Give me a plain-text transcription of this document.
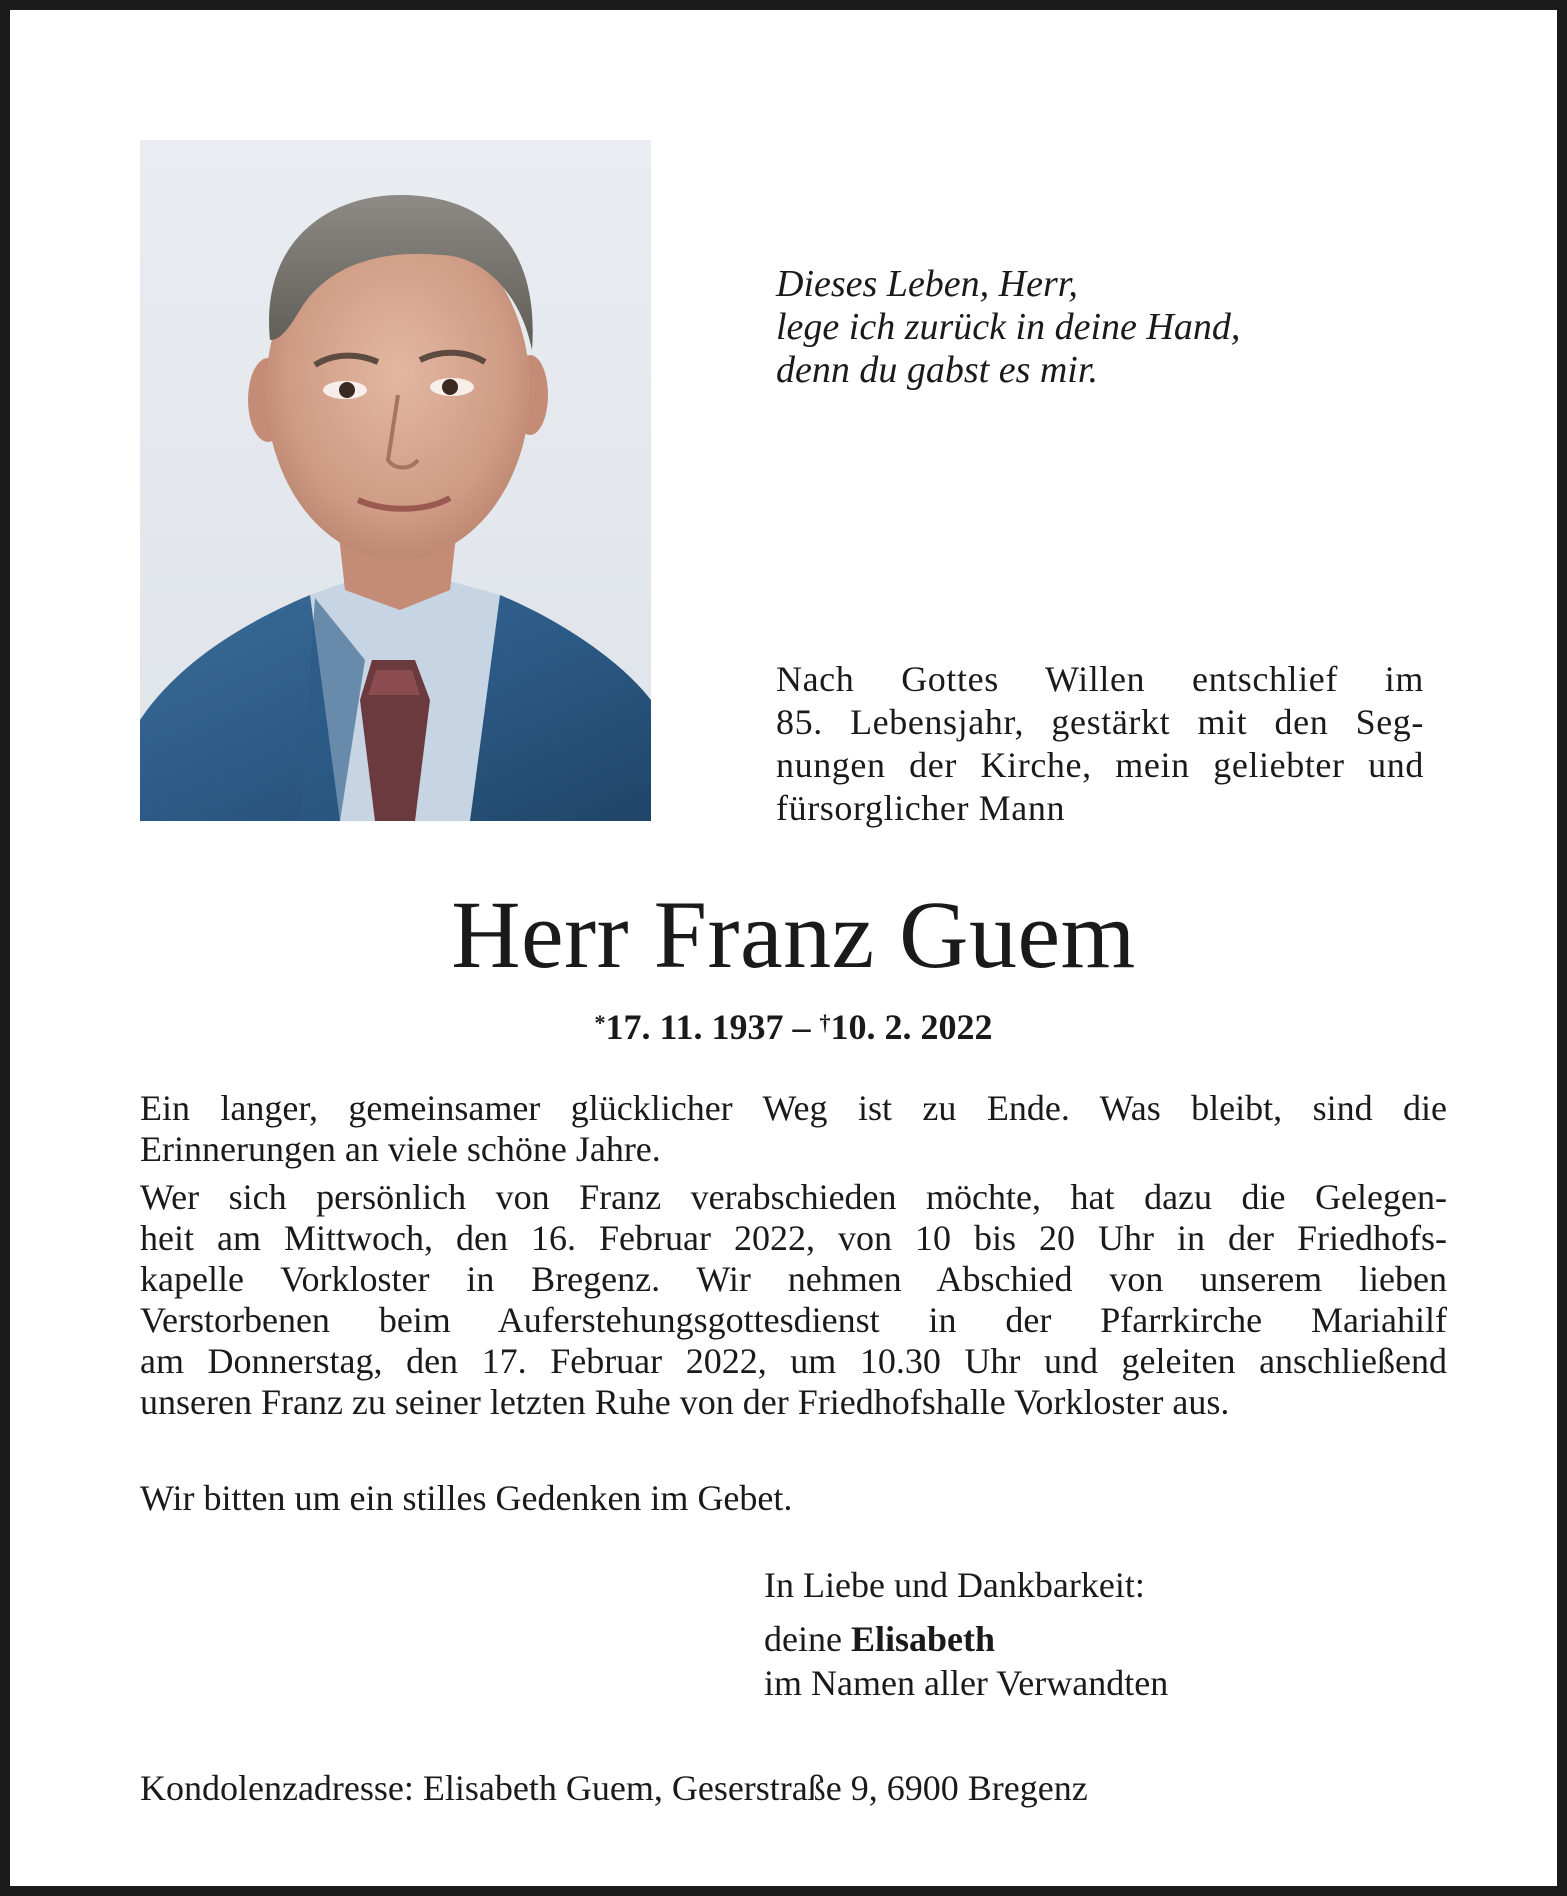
Dieses Leben, Herr,
lege ich zurück in deine Hand,
denn du gabst es mir.
Nach Gottes Willen entschlief im
85. Lebensjahr, gestärkt mit den Seg-
nungen der Kirche, mein geliebter und
fürsorglicher Mann
Herr Franz Guem
*17. 11. 1937 – †10. 2. 2022

Ein langer, gemeinsamer glücklicher Weg ist zu Ende. Was bleibt, sind die
Erinnerungen an viele schöne Jahre.

Wer sich persönlich von Franz verabschieden möchte, hat dazu die Gelegen-
heit am Mittwoch, den 16. Februar 2022, von 10 bis 20 Uhr in der Friedhofs-
kapelle Vorkloster in Bregenz. Wir nehmen Abschied von unserem lieben
Verstorbenen beim Auferstehungsgottesdienst in der Pfarrkirche Mariahilf
am Donnerstag, den 17. Februar 2022, um 10.30 Uhr und geleiten anschließend
unseren Franz zu seiner letzten Ruhe von der Friedhofshalle Vorkloster aus.

Wir bitten um ein stilles Gedenken im Gebet.
In Liebe und Dankbarkeit:
deine Elisabeth
im Namen aller Verwandten
Kondolenzadresse: Elisabeth Guem, Geserstraße 9, 6900 Bregenz
